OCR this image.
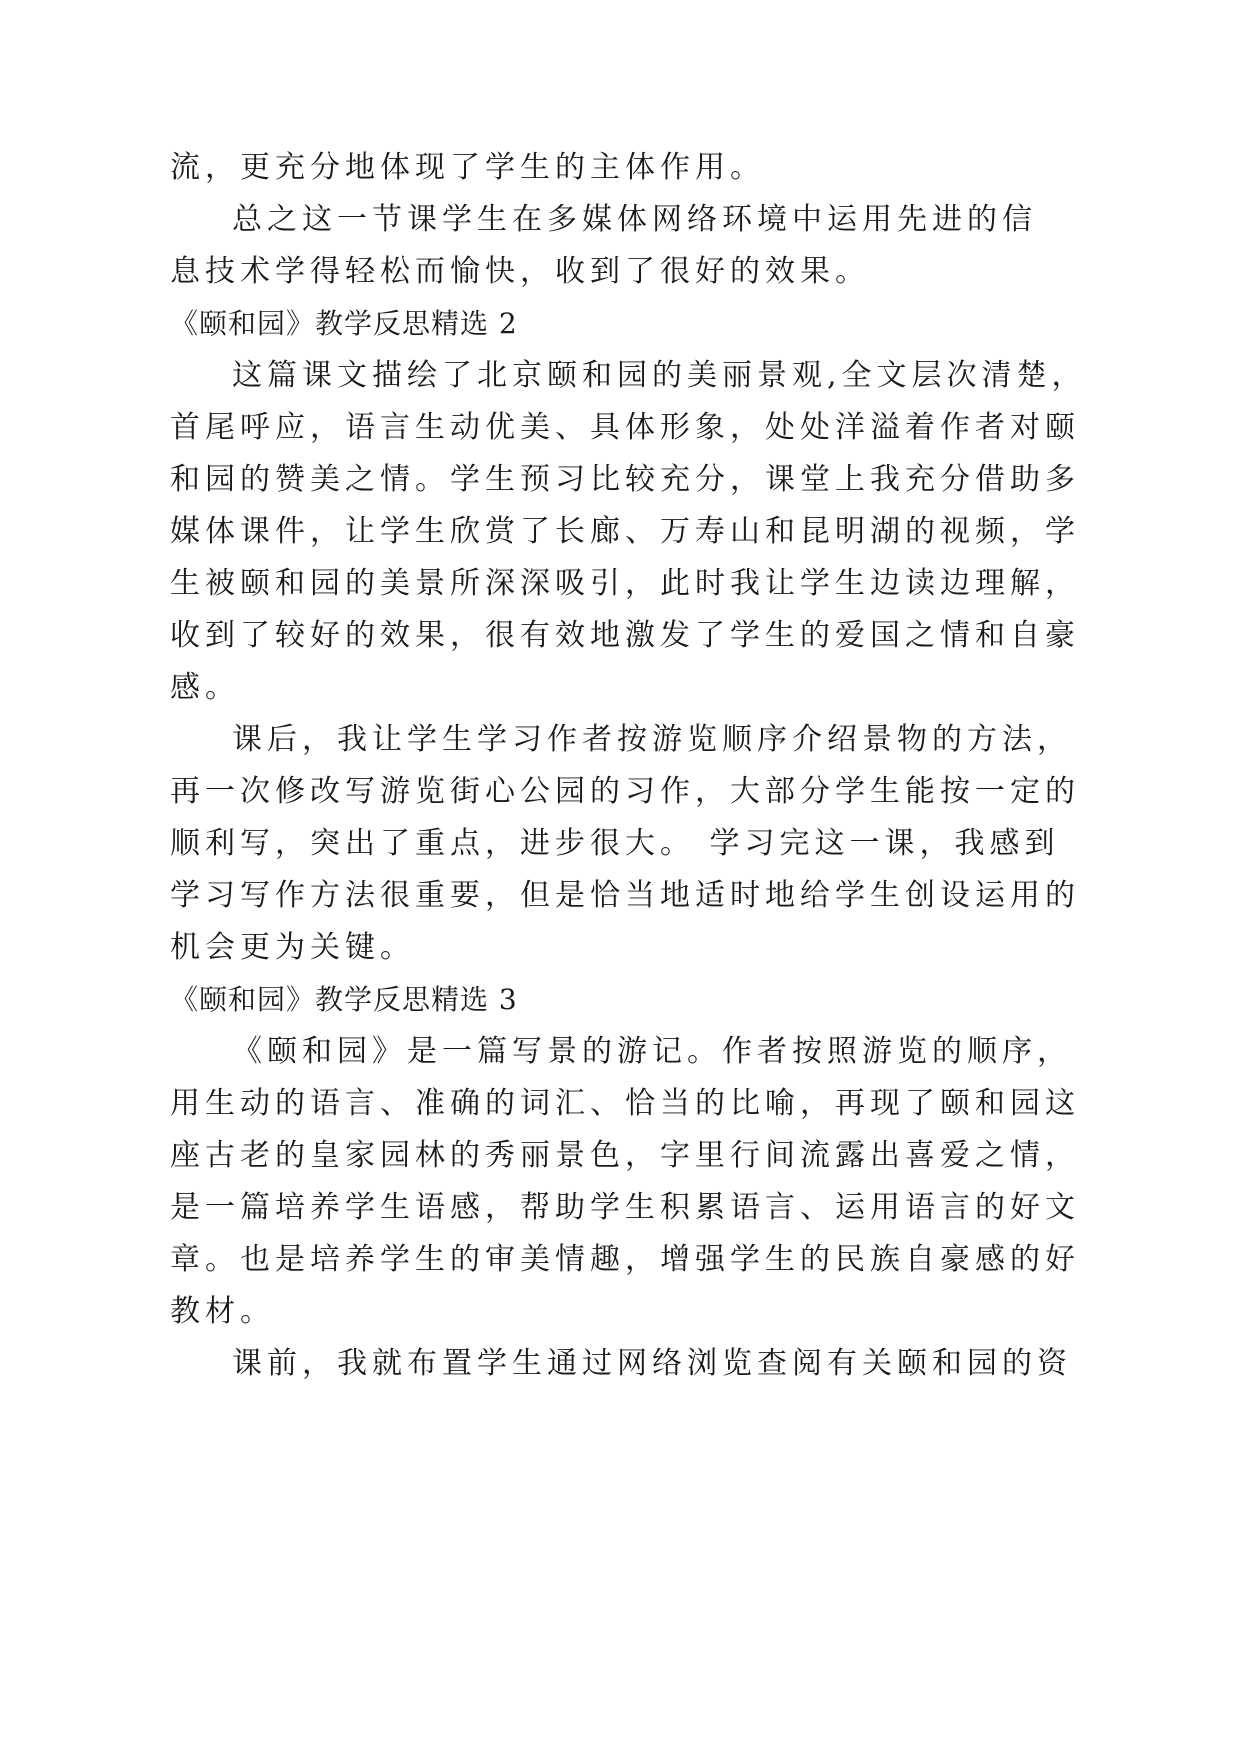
流，更充分地体现了学生的主体作用。
总之这一节课学生在多媒体网络环境中运用先进的信
息技术学得轻松而愉快，收到了很好的效果。
《颐和园》教学反思精选 2
这篇课文描绘了北京颐和园的美丽景观,全文层次清楚，
首尾呼应，语言生动优美、具体形象，处处洋溢着作者对颐
和园的赞美之情。学生预习比较充分，课堂上我充分借助多
媒体课件，让学生欣赏了长廊、万寿山和昆明湖的视频，学
生被颐和园的美景所深深吸引，此时我让学生边读边理解，
收到了较好的效果，很有效地激发了学生的爱国之情和自豪
感。
课后，我让学生学习作者按游览顺序介绍景物的方法，
再一次修改写游览街心公园的习作，大部分学生能按一定的
顺利写，突出了重点，进步很大。 学习完这一课，我感到
学习写作方法很重要，但是恰当地适时地给学生创设运用的
机会更为关键。
《颐和园》教学反思精选 3
《颐和园》是一篇写景的游记。作者按照游览的顺序，
用生动的语言、准确的词汇、恰当的比喻，再现了颐和园这
座古老的皇家园林的秀丽景色，字里行间流露出喜爱之情，
是一篇培养学生语感，帮助学生积累语言、运用语言的好文
章。也是培养学生的审美情趣，增强学生的民族自豪感的好
教材。
课前，我就布置学生通过网络浏览查阅有关颐和园的资
